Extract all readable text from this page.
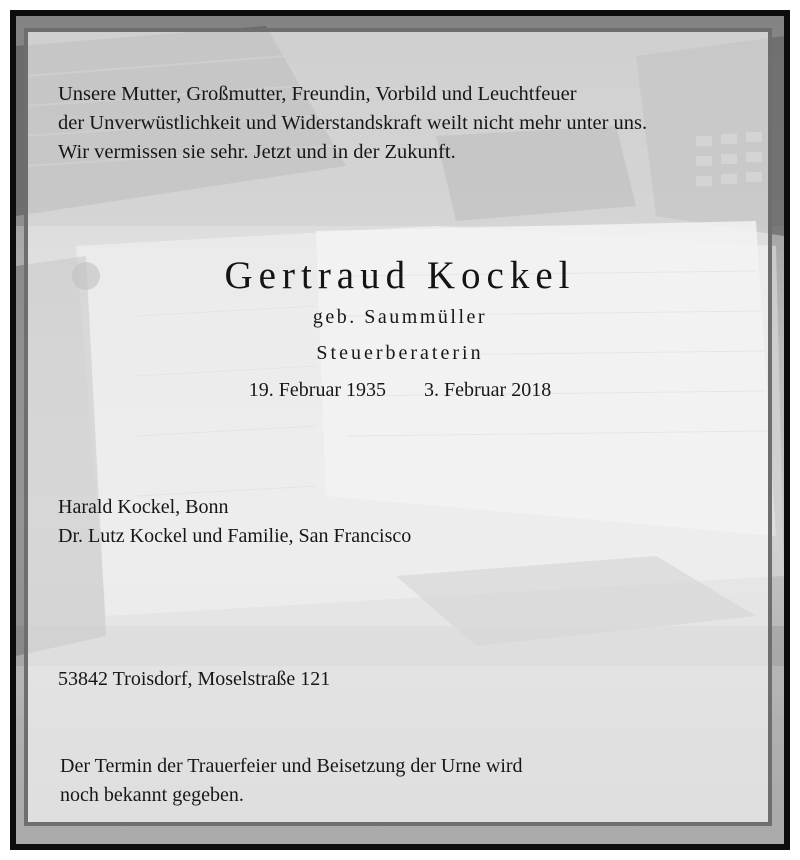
Unsere Mutter, Großmutter, Freundin, Vorbild und Leuchtfeuer
der Unverwüstlichkeit und Widerstandskraft weilt nicht mehr unter uns.
Wir vermissen sie sehr. Jetzt und in der Zukunft.
Gertraud Kockel
geb. Saummüller
Steuerberaterin
19. Februar 1935 3. Februar 2018
Harald Kockel, Bonn
Dr. Lutz Kockel und Familie, San Francisco
53842 Troisdorf, Moselstraße 121
Der Termin der Trauerfeier und Beisetzung der Urne wird
noch bekannt gegeben.
